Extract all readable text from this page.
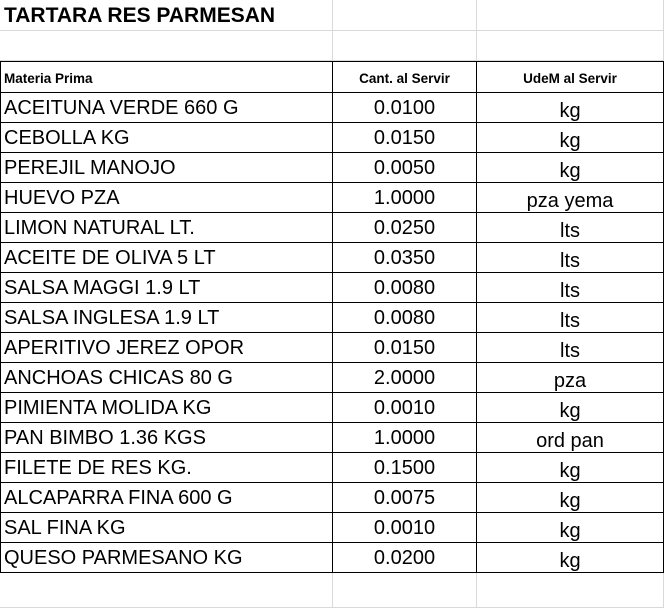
TARTARA RES PARMESAN
Materia Prima	Cant. al Servir	UdeM al Servir
ACEITUNA VERDE 660 G	0.0100	kg
CEBOLLA KG	0.0150	kg
PEREJIL MANOJO	0.0050	kg
HUEVO PZA	1.0000	pza yema
LIMON NATURAL LT.	0.0250	lts
ACEITE DE OLIVA 5 LT	0.0350	lts
SALSA MAGGI 1.9 LT	0.0080	lts
SALSA INGLESA 1.9 LT	0.0080	lts
APERITIVO JEREZ OPOR	0.0150	lts
ANCHOAS CHICAS 80 G	2.0000	pza
PIMIENTA MOLIDA KG	0.0010	kg
PAN BIMBO 1.36 KGS	1.0000	ord pan
FILETE DE RES KG.	0.1500	kg
ALCAPARRA FINA 600 G	0.0075	kg
SAL FINA KG	0.0010	kg
QUESO PARMESANO KG	0.0200	kg
